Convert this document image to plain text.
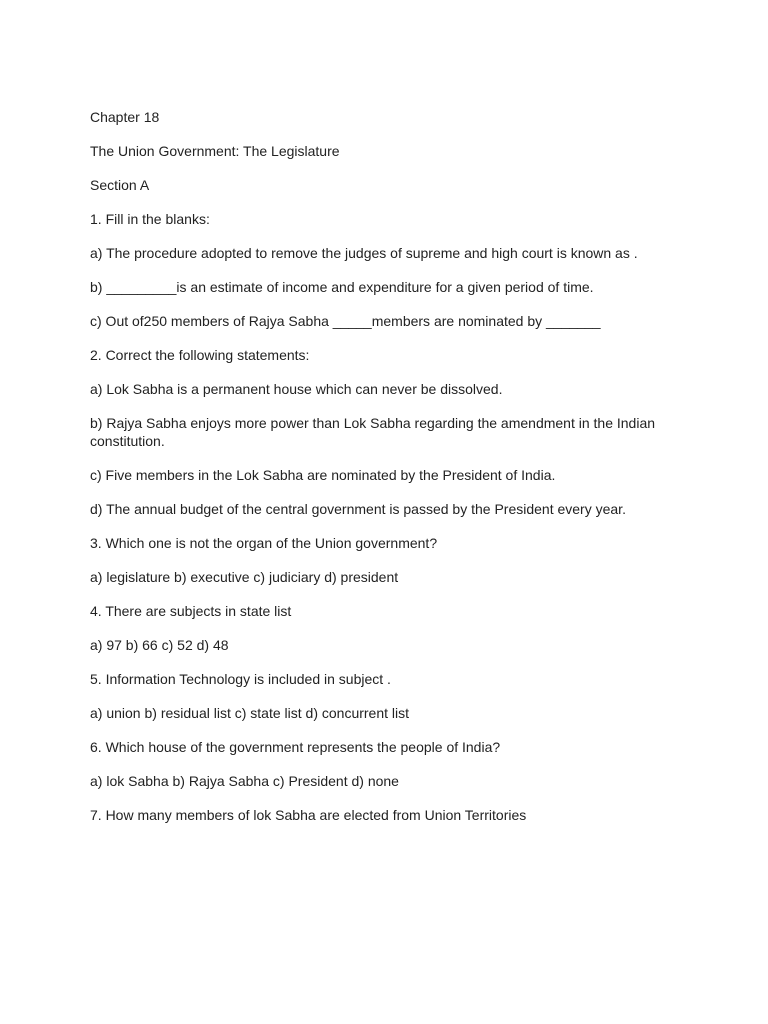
Chapter 18

The Union Government: The Legislature

Section A

1. Fill in the blanks:

a) The procedure adopted to remove the judges of supreme and high court is known as .

b) _________is an estimate of income and expenditure for a given period of time.

c) Out of250 members of Rajya Sabha _____members are nominated by _______

2. Correct the following statements:

a) Lok Sabha is a permanent house which can never be dissolved.

b) Rajya Sabha enjoys more power than Lok Sabha regarding the amendment in the Indian constitution.

c) Five members in the Lok Sabha are nominated by the President of India.

d) The annual budget of the central government is passed by the President every year.

3. Which one is not the organ of the Union government?

a) legislature b) executive c) judiciary d) president

4. There are subjects in state list

a) 97 b) 66 c) 52 d) 48

5. Information Technology is included in subject .

a) union b) residual list c) state list d) concurrent list

6. Which house of the government represents the people of India?

a) lok Sabha b) Rajya Sabha c) President d) none

7. How many members of lok Sabha are elected from Union Territories
